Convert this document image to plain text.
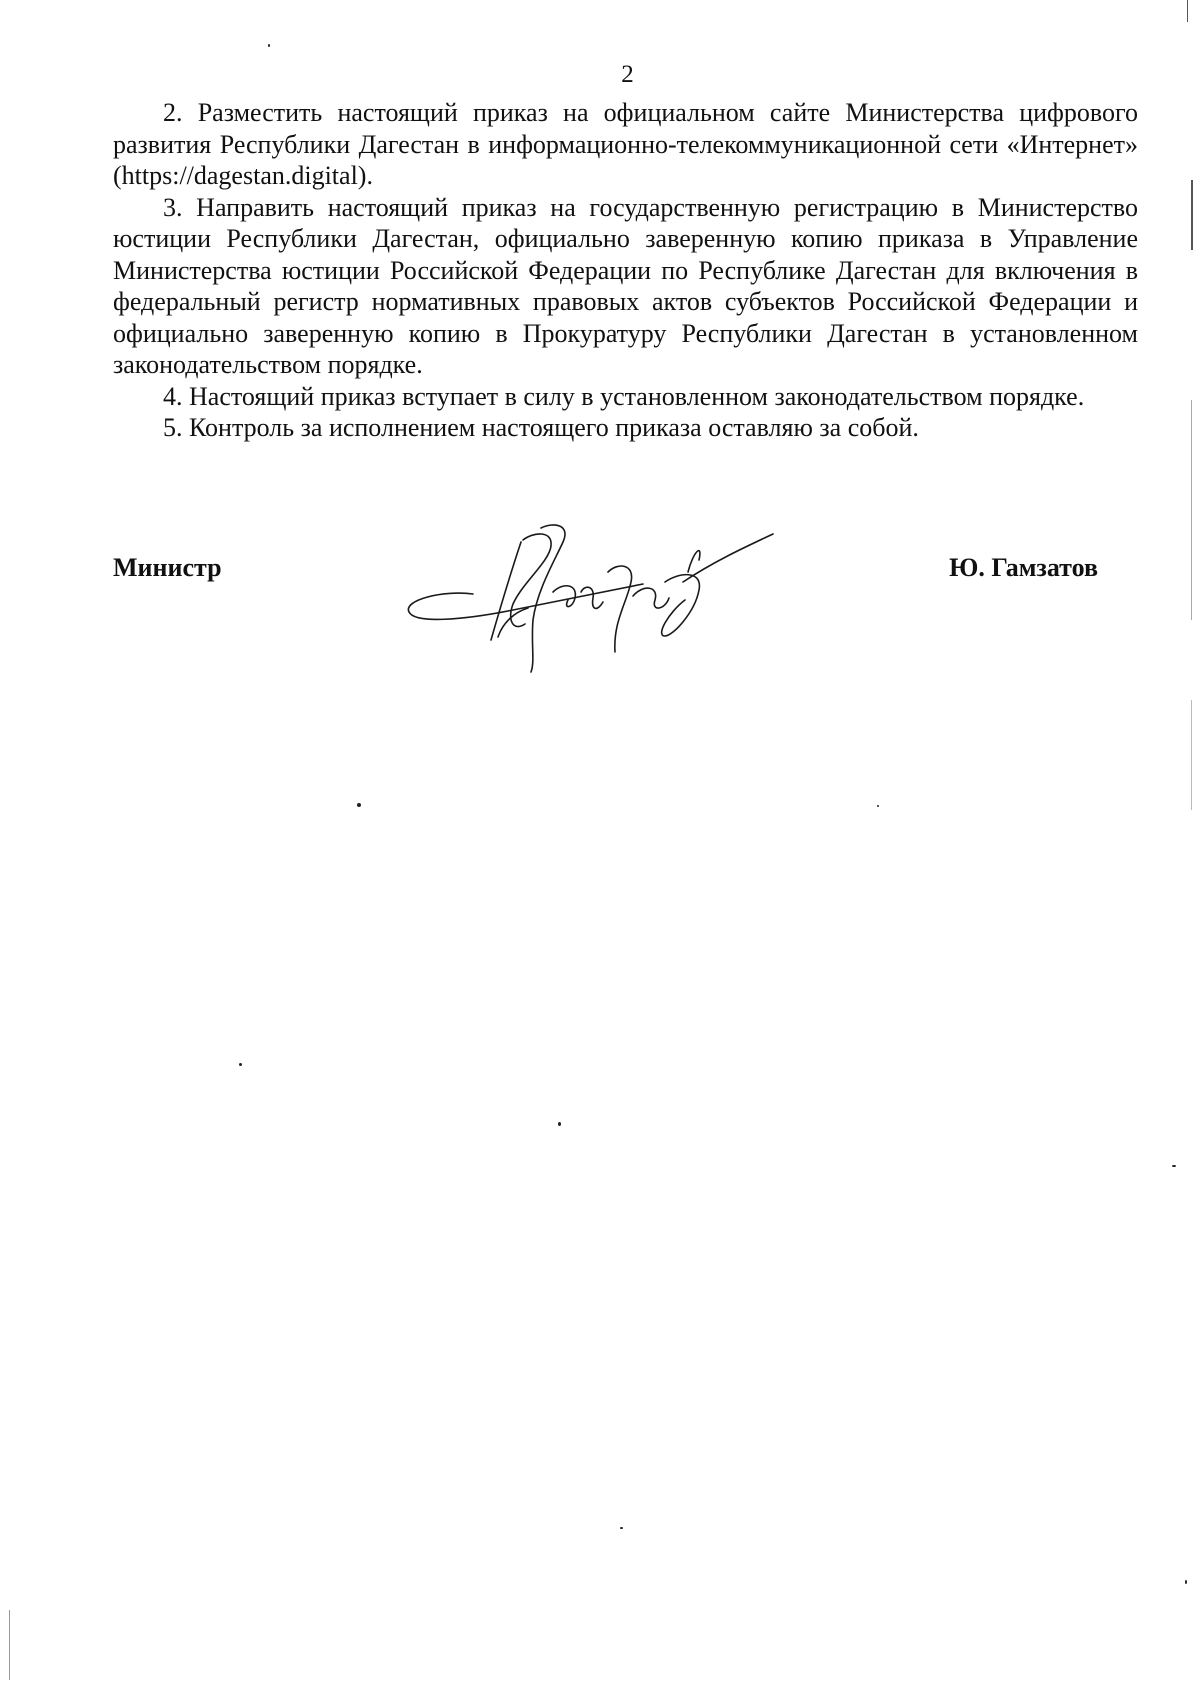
2

2. Разместить настоящий приказ на официальном сайте Министерства цифрового развития Республики Дагестан в информационно-телекоммуникационной сети «Интернет» (https://dagestan.digital).

3. Направить настоящий приказ на государственную регистрацию в Министерство юстиции Республики Дагестан, официально заверенную копию приказа в Управление Министерства юстиции Российской Федерации по Республике Дагестан для включения в федеральный регистр нормативных правовых актов субъектов Российской Федерации и официально заверенную копию в Прокуратуру Республики Дагестан в установленном законодательством порядке.

4. Настоящий приказ вступает в силу в установленном законодательством порядке.

5. Контроль за исполнением настоящего приказа оставляю за собой.

Министр	Ю. Гамзатов
